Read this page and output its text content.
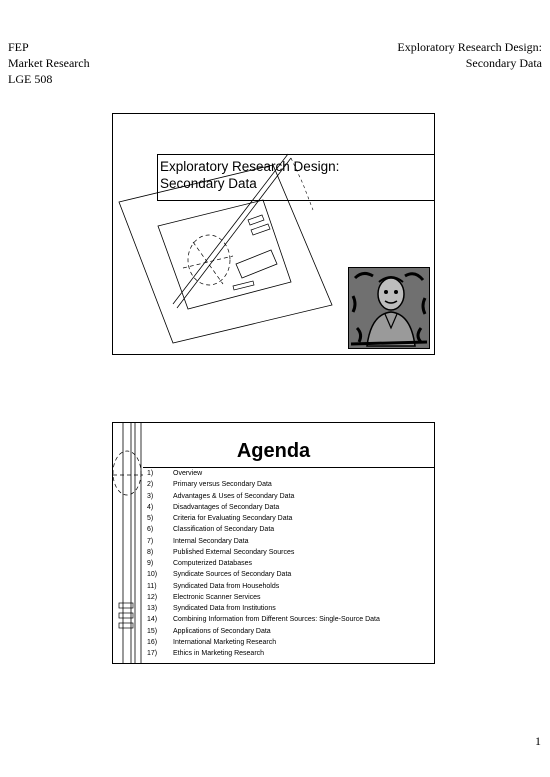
FEP
Market Research
LGE 508
Exploratory Research Design:
Secondary Data
Exploratory Research Design:
Secondary Data
Agenda
1)	Overview
2)	Primary versus Secondary Data
3)	Advantages & Uses of Secondary Data
4)	Disadvantages of Secondary Data
5)	Criteria for Evaluating Secondary Data
6)	Classification of Secondary Data
7)	Internal Secondary Data
8)	Published External Secondary Sources
9)	Computerized Databases
10)	Syndicate Sources of Secondary Data
11)	Syndicated Data from Households
12)	Electronic Scanner Services
13)	Syndicated Data from Institutions
14)	Combining Information from Different Sources: Single-Source Data
15)	Applications of Secondary Data
16)	International Marketing Research
17)	Ethics in Marketing Research
1
